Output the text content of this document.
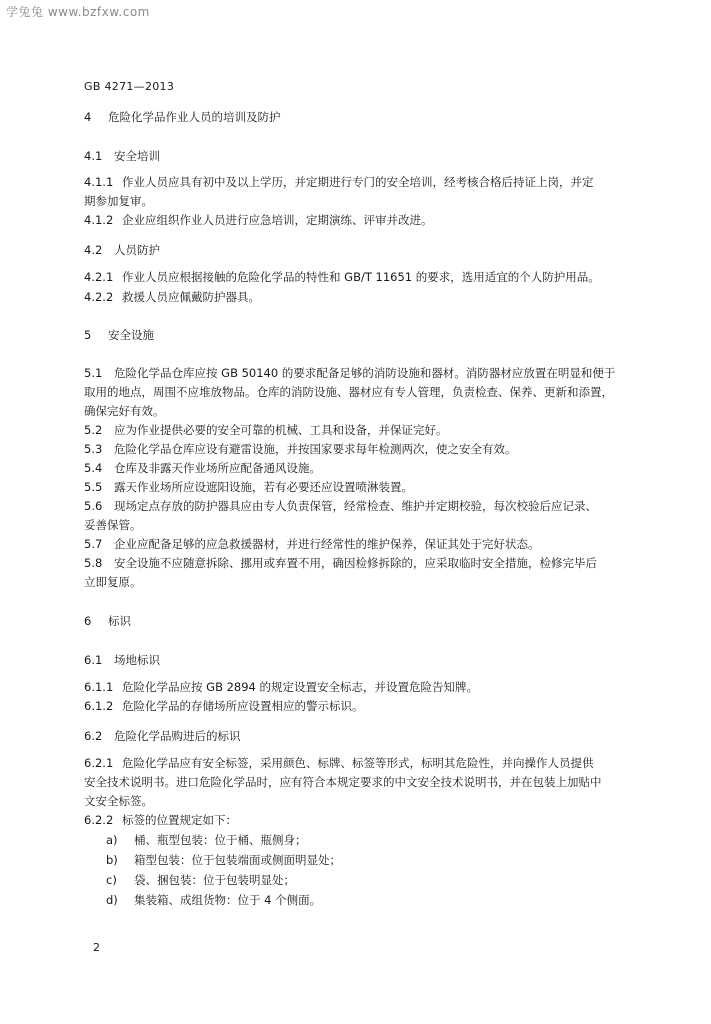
学兔兔 www.bzfxw.com
GB 4271—2013
4 危险化学品作业人员的培训及防护
4.1 安全培训
4.1.1 作业人员应具有初中及以上学历，并定期进行专门的安全培训，经考核合格后持证上岗，并定
期参加复审。
4.1.2 企业应组织作业人员进行应急培训，定期演练、评审并改进。
4.2 人员防护
4.2.1 作业人员应根据接触的危险化学品的特性和 GB/T 11651 的要求，选用适宜的个人防护用品。
4.2.2 救援人员应佩戴防护器具。
5 安全设施
5.1 危险化学品仓库应按 GB 50140 的要求配备足够的消防设施和器材。消防器材应放置在明显和便于
取用的地点，周围不应堆放物品。仓库的消防设施、器材应有专人管理，负责检查、保养、更新和添置，
确保完好有效。
5.2 应为作业提供必要的安全可靠的机械、工具和设备，并保证完好。
5.3 危险化学品仓库应设有避雷设施，并按国家要求每年检测两次，使之安全有效。
5.4 仓库及非露天作业场所应配备通风设施。
5.5 露天作业场所应设遮阳设施，若有必要还应设置喷淋装置。
5.6 现场定点存放的防护器具应由专人负责保管，经常检查、维护并定期校验，每次校验后应记录、
妥善保管。
5.7 企业应配备足够的应急救援器材，并进行经常性的维护保养，保证其处于完好状态。
5.8 安全设施不应随意拆除、挪用或弃置不用，确因检修拆除的，应采取临时安全措施，检修完毕后
立即复原。
6 标识
6.1 场地标识
6.1.1 危险化学品应按 GB 2894 的规定设置安全标志，并设置危险告知牌。
6.1.2 危险化学品的存储场所应设置相应的警示标识。
6.2 危险化学品购进后的标识
6.2.1 危险化学品应有安全标签，采用颜色、标牌、标签等形式，标明其危险性，并向操作人员提供
安全技术说明书。进口危险化学品时，应有符合本规定要求的中文安全技术说明书，并在包装上加贴中
文安全标签。
6.2.2 标签的位置规定如下：
a) 桶、瓶型包装：位于桶、瓶侧身；
b) 箱型包装：位于包装端面或侧面明显处；
c) 袋、捆包装：位于包装明显处；
d) 集装箱、成组货物：位于 4 个侧面。
2
